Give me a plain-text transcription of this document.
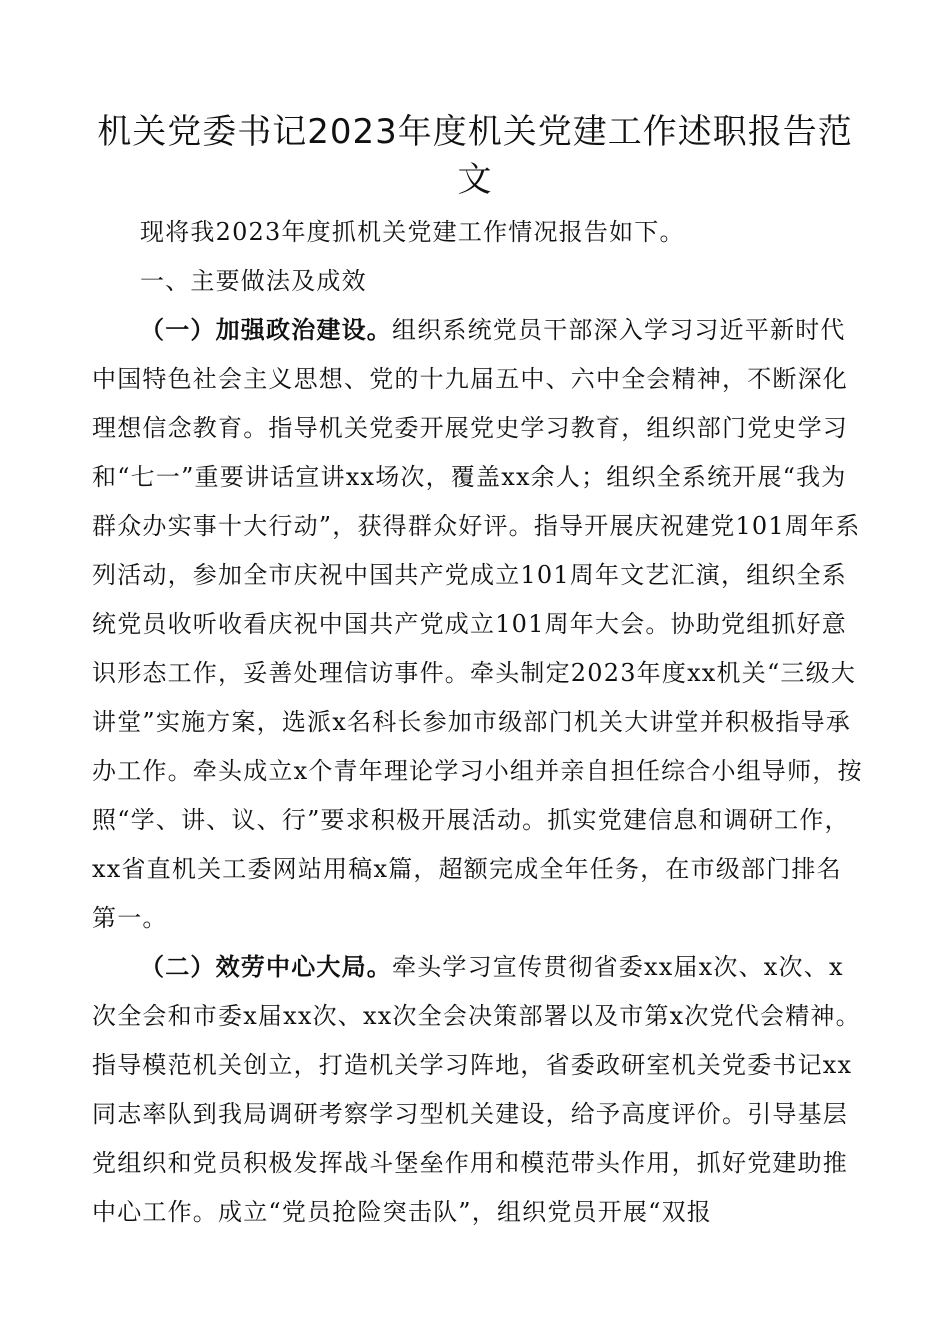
机关党委书记2023年度机关党建工作述职报告范文

现将我2023年度抓机关党建工作情况报告如下。

一、主要做法及成效

（一）加强政治建设。组织系统党员干部深入学习习近平新时代中国特色社会主义思想、党的十九届五中、六中全会精神，不断深化理想信念教育。指导机关党委开展党史学习教育，组织部门党史学习和“七一”重要讲话宣讲xx场次，覆盖xx余人；组织全系统开展“我为群众办实事十大行动”，获得群众好评。指导开展庆祝建党101周年系列活动，参加全市庆祝中国共产党成立101周年文艺汇演，组织全系统党员收听收看庆祝中国共产党成立101周年大会。协助党组抓好意识形态工作，妥善处理信访事件。牵头制定2023年度xx机关“三级大讲堂”实施方案，选派x名科长参加市级部门机关大讲堂并积极指导承办工作。牵头成立x个青年理论学习小组并亲自担任综合小组导师，按照“学、讲、议、行”要求积极开展活动。抓实党建信息和调研工作，xx省直机关工委网站用稿x篇，超额完成全年任务，在市级部门排名第一。

（二）效劳中心大局。牵头学习宣传贯彻省委xx届x次、x次、x次全会和市委x届xx次、xx次全会决策部署以及市第x次党代会精神。指导模范机关创立，打造机关学习阵地，省委政研室机关党委书记xx同志率队到我局调研考察学习型机关建设，给予高度评价。引导基层党组织和党员积极发挥战斗堡垒作用和模范带头作用，抓好党建助推中心工作。成立“党员抢险突击队”，组织党员开展“双报
